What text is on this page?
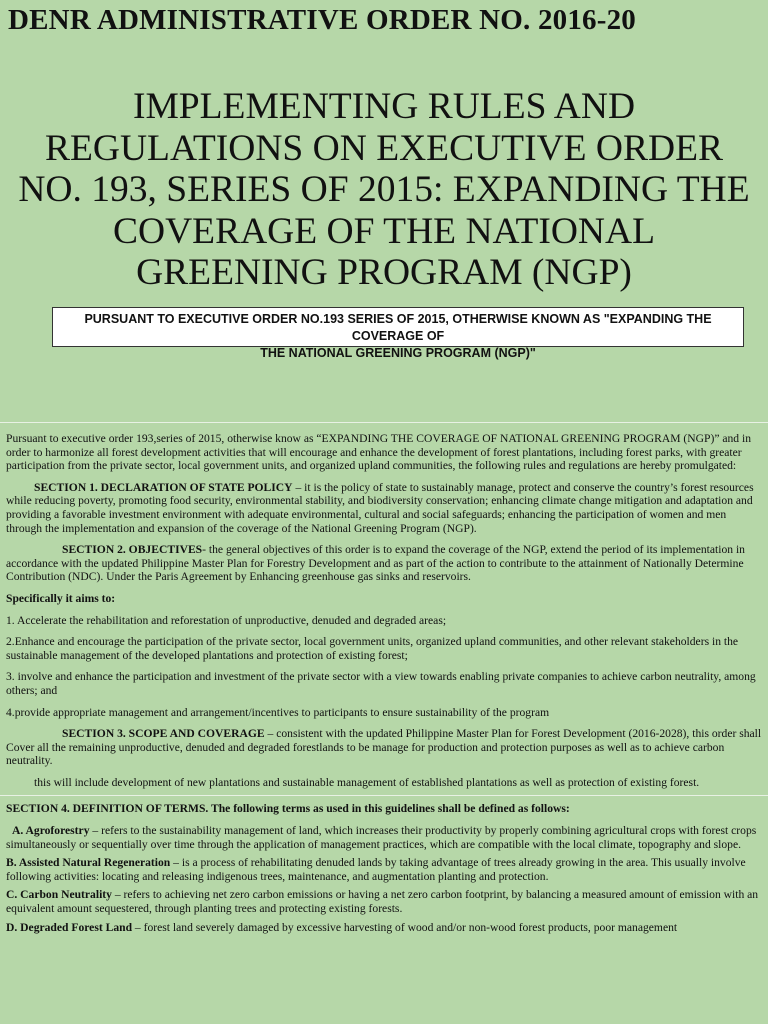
DENR ADMINISTRATIVE ORDER NO. 2016-20
IMPLEMENTING RULES AND
REGULATIONS ON EXECUTIVE ORDER
NO. 193, SERIES OF 2015: EXPANDING THE
COVERAGE OF THE NATIONAL
GREENING PROGRAM (NGP)
PURSUANT TO EXECUTIVE ORDER NO.193 SERIES OF 2015, OTHERWISE KNOWN AS "EXPANDING THE COVERAGE OF
THE NATIONAL GREENING PROGRAM (NGP)"

Pursuant to executive order 193,series of 2015, otherwise know as “EXPANDING THE COVERAGE OF NATIONAL GREENING PROGRAM (NGP)” and in order to harmonize all forest development activities that will encourage and enhance the development of forest plantations, including forest parks, with greater participation from the private sector, local government units, and organized upland communities, the following rules and regulations are hereby promulgated:

SECTION 1. DECLARATION OF STATE POLICY – it is the policy of state to sustainably manage, protect and conserve the country’s forest resources while reducing poverty, promoting food security, environmental stability, and biodiversity conservation; enhancing climate change mitigation and adaptation and providing a favorable investment environment with adequate environmental, cultural and social safeguards; enhancing the participation of women and men through the implementation and expansion of the coverage of the National Greening Program (NGP).

SECTION 2. OBJECTIVES- the general objectives of this order is to expand the coverage of the NGP, extend the period of its implementation in accordance with the updated Philippine Master Plan for Forestry Development and as part of the action to contribute to the attainment of Nationally Determine Contribution (NDC). Under the Paris Agreement by Enhancing greenhouse gas sinks and reservoirs.

Specifically it aims to:

1. Accelerate the rehabilitation and reforestation of unproductive, denuded and degraded areas;

2.Enhance and encourage the participation of the private sector, local government units, organized upland communities, and other relevant stakeholders in the sustainable management of the developed plantations and protection of existing forest;

3. involve and enhance the participation and investment of the private sector with a view towards enabling private companies to achieve carbon neutrality, among others; and

4.provide appropriate management and arrangement/incentives to participants to ensure sustainability of the program

SECTION 3. SCOPE AND COVERAGE – consistent with the updated Philippine Master Plan for Forest Development (2016-2028), this order shall Cover all the remaining unproductive, denuded and degraded forestlands to be manage for production and protection purposes as well as to achieve carbon neutrality.

this will include development of new plantations and sustainable management of established plantations as well as protection of existing forest.

SECTION 4. DEFINITION OF TERMS. The following terms as used in this guidelines shall be defined as follows:

A. Agroforestry – refers to the sustainability management of land, which increases their productivity by properly combining agricultural crops with forest crops simultaneously or sequentially over time through the application of management practices, which are compatible with the local climate, topography and slope.

B. Assisted Natural Regeneration – is a process of rehabilitating denuded lands by taking advantage of trees already growing in the area. This usually involve following activities: locating and releasing indigenous trees, maintenance, and augmentation planting and protection.

C. Carbon Neutrality – refers to achieving net zero carbon emissions or having a net zero carbon footprint, by balancing a measured amount of emission with an equivalent amount sequestered, through planting trees and protecting existing forests.

D. Degraded Forest Land – forest land severely damaged by excessive harvesting of wood and/or non-wood forest products, poor management
